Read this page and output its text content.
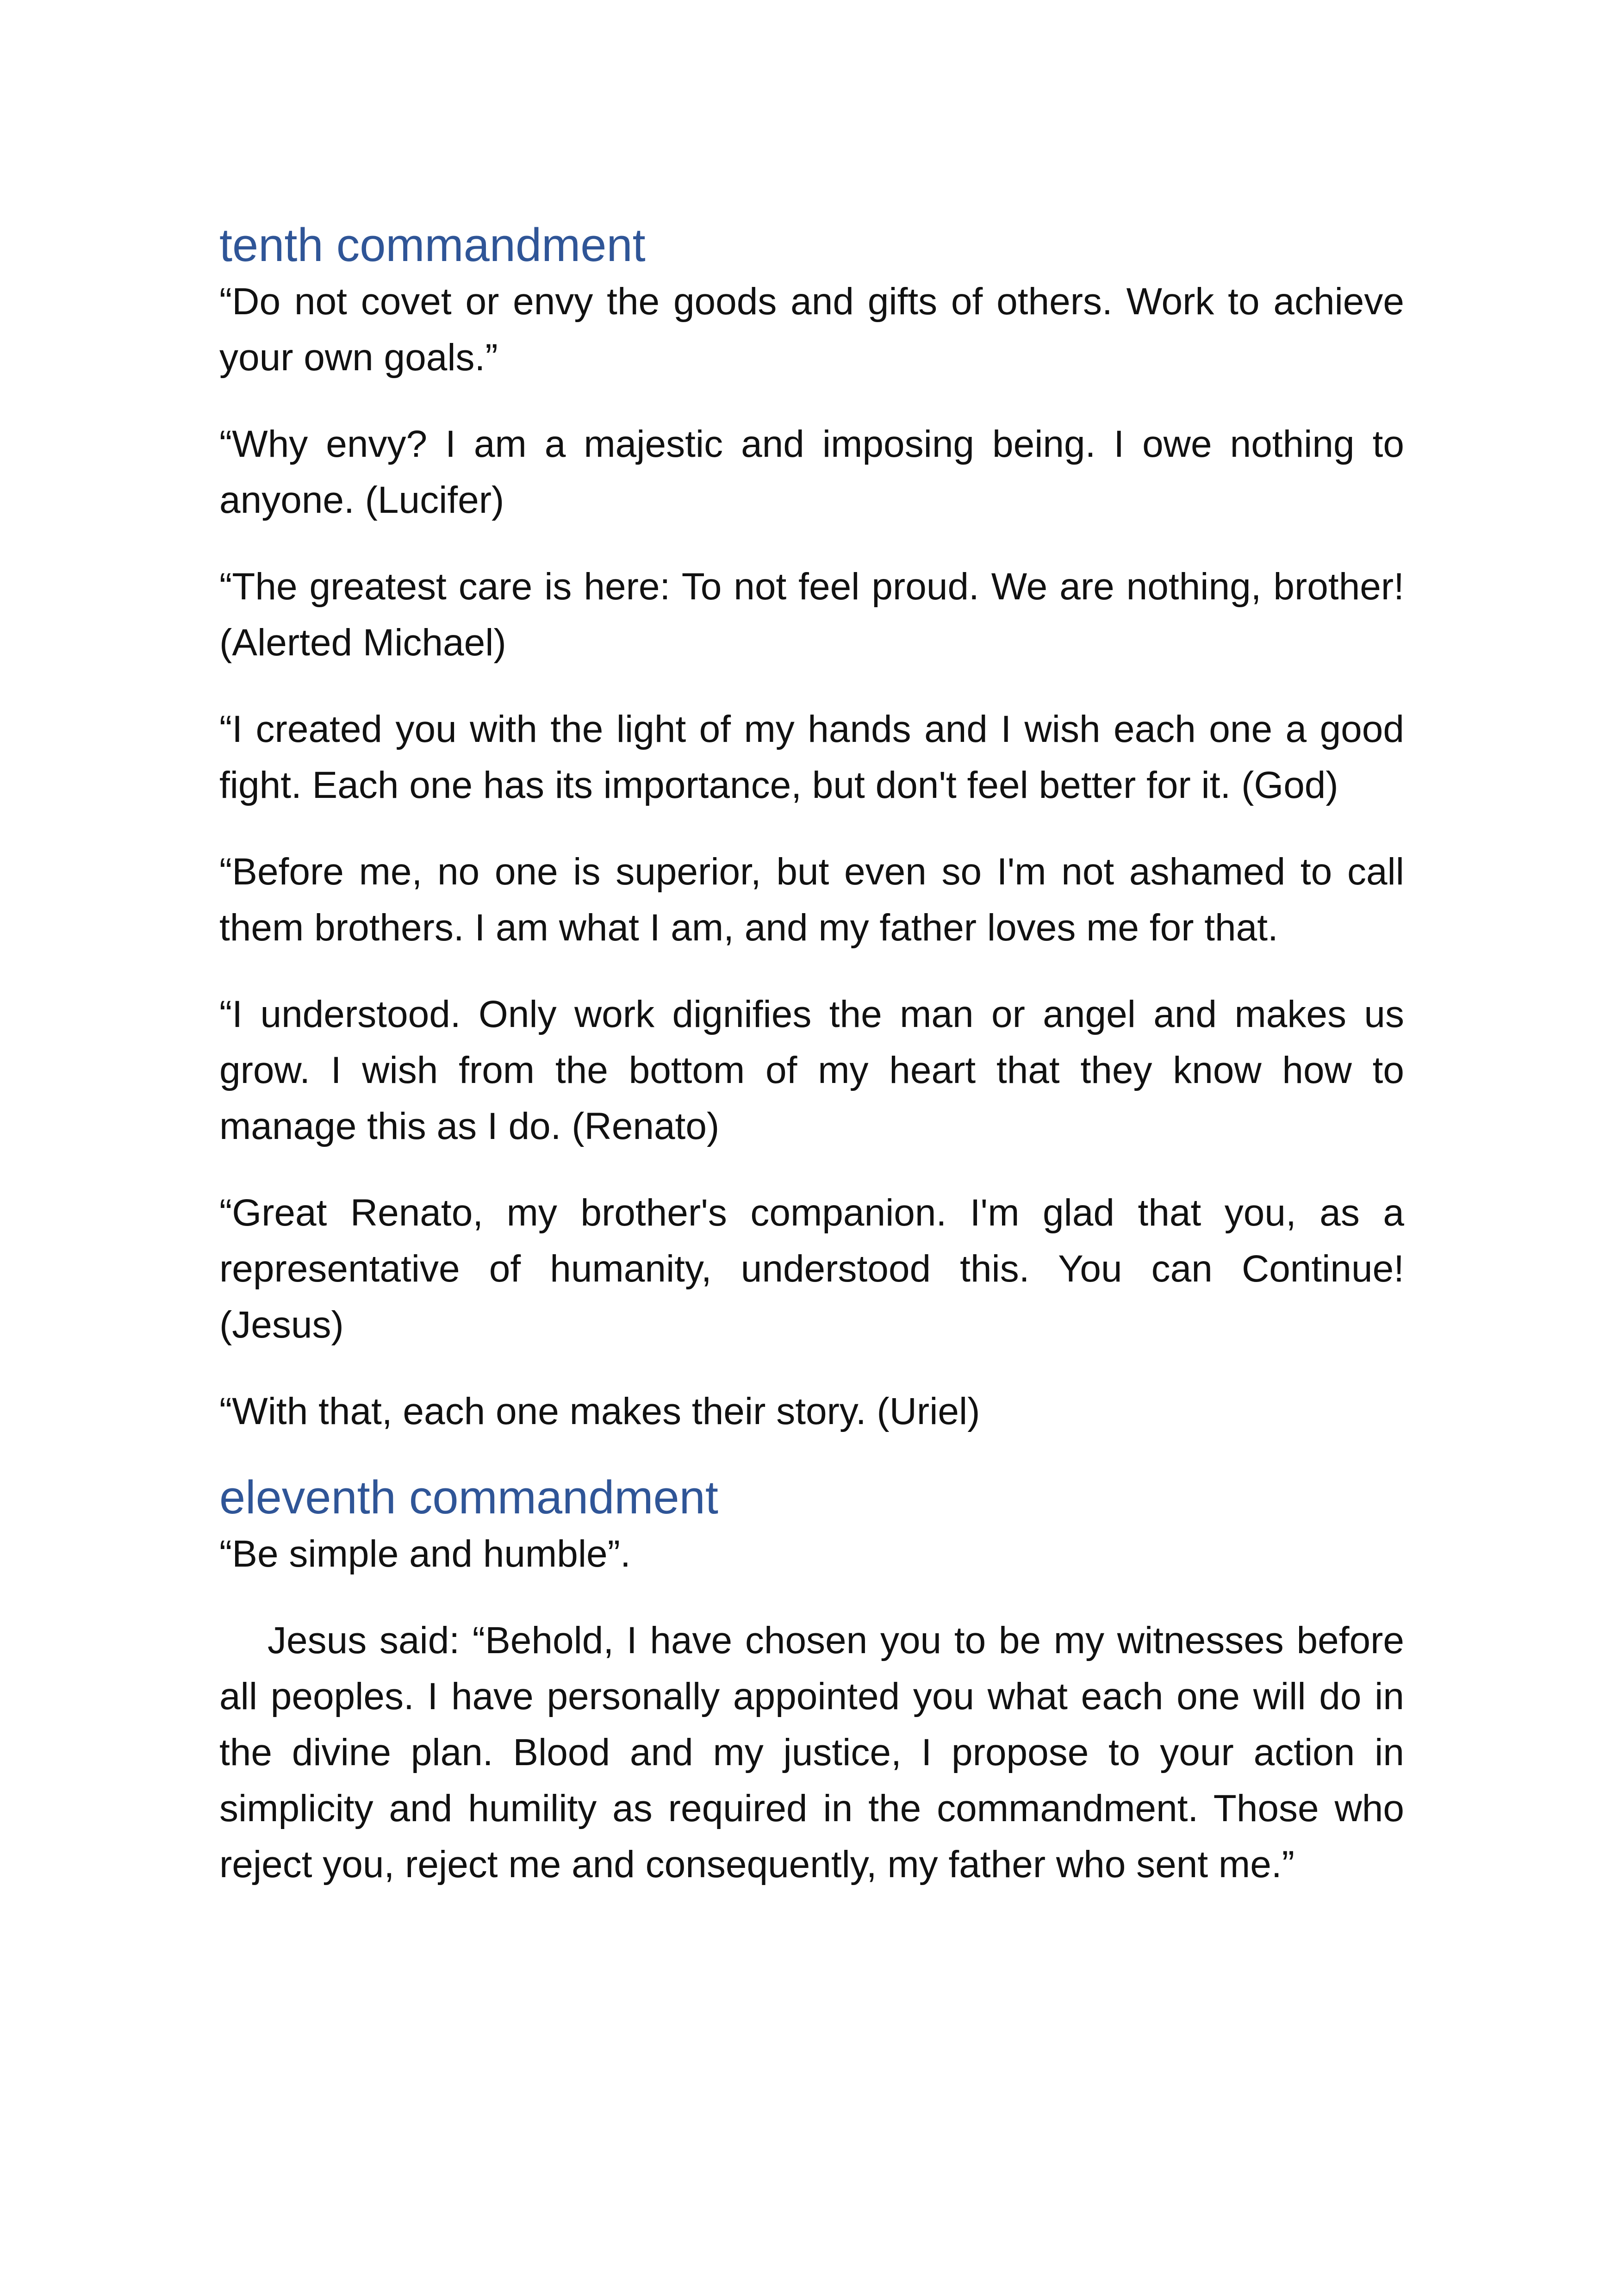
tenth commandment

“Do not covet or envy the goods and gifts of others. Work to achieve your own goals.”

“Why envy? I am a majestic and imposing being. I owe nothing to anyone. (Lucifer)

“The greatest care is here: To not feel proud. We are nothing, brother! (Alerted Michael)

“I created you with the light of my hands and I wish each one a good fight. Each one has its importance, but don't feel better for it. (God)

“Before me, no one is superior, but even so I'm not ashamed to call them brothers. I am what I am, and my father loves me for that.

“I understood. Only work dignifies the man or angel and makes us grow. I wish from the bottom of my heart that they know how to manage this as I do. (Renato)

“Great Renato, my brother's companion. I'm glad that you, as a representative of humanity, understood this. You can Continue! (Jesus)

“With that, each one makes their story. (Uriel)

eleventh commandment

“Be simple and humble”.

Jesus said: “Behold, I have chosen you to be my witnesses before all peoples. I have personally appointed you what each one will do in the divine plan. Blood and my justice, I propose to your action in simplicity and humility as required in the commandment. Those who reject you, reject me and consequently, my father who sent me.”
